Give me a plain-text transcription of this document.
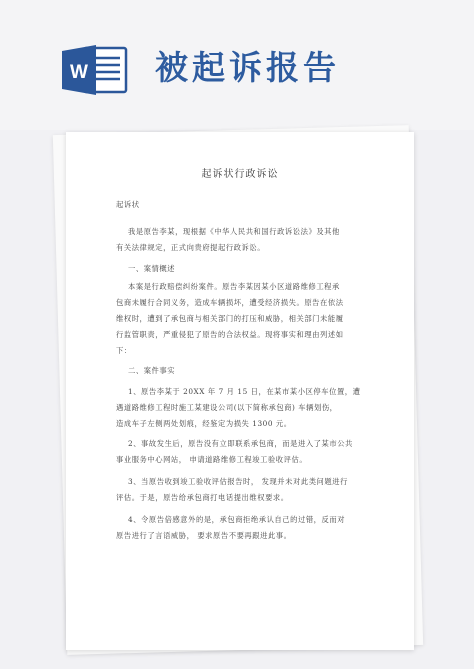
W 被起诉报告
起诉状行政诉讼
起诉状
我是原告李某，现根据《中华人民共和国行政诉讼法》及其他
有关法律规定，正式向贵府提起行政诉讼。
一、案情概述
本案是行政赔偿纠纷案件。原告李某因某小区道路维修工程承
包商未履行合同义务，造成车辆损坏，遭受经济损失。原告在依法
维权时，遭到了承包商与相关部门的打压和威胁，相关部门未能履
行监管职责，严重侵犯了原告的合法权益。现将事实和理由列述如
下：
二、案件事实
1、原告李某于 20XX 年 7 月 15 日，在某市某小区停车位置，遭
遇道路维修工程时施工某建设公司(以下简称承包商) 车辆划伤，
造成车子左侧两处划痕，经鉴定为损失 1300 元。
2、事故发生后，原告没有立即联系承包商，而是进入了某市公共
事业服务中心网站， 申请道路维修工程竣工验收评估。
3、当原告收到竣工验收评估报告时， 发现并未对此类问题进行
评估。于是，原告给承包商打电话提出维权要求。
4、令原告倍感意外的是，承包商拒绝承认自己的过错，反而对
原告进行了言语威胁， 要求原告不要再跟进此事。
